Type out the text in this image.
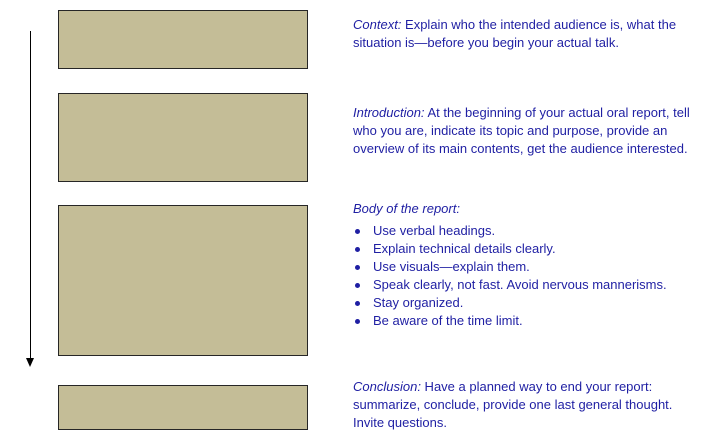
Context: Explain who the intended audience is, what the situation is—before you begin your actual talk.
Introduction: At the beginning of your actual oral report, tell who you are, indicate its topic and purpose, provide an overview of its main contents, get the audience interested.
Body of the report:
Use verbal headings.
Explain technical details clearly.
Use visuals—explain them.
Speak clearly, not fast. Avoid nervous mannerisms.
Stay organized.
Be aware of the time limit.
Conclusion: Have a planned way to end your report: summarize, conclude, provide one last general thought. Invite questions.
